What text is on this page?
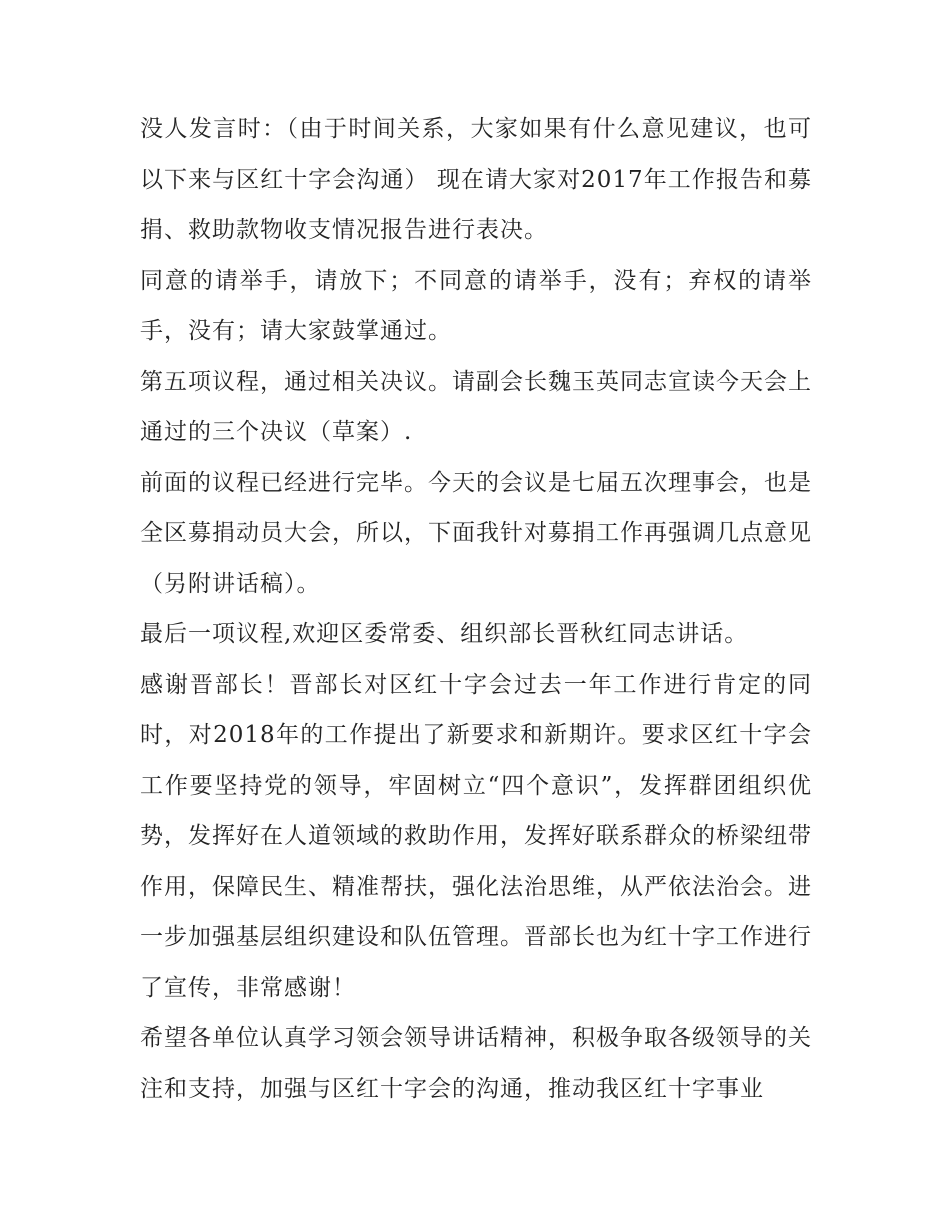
没人发言时：（由于时间关系，大家如果有什么意见建议，也可以下来与区红十字会沟通） 现在请大家对2017年工作报告和募捐、救助款物收支情况报告进行表决。

同意的请举手，请放下；不同意的请举手，没有；弃权的请举手，没有；请大家鼓掌通过。

第五项议程，通过相关决议。请副会长魏玉英同志宣读今天会上通过的三个决议（草案）.

前面的议程已经进行完毕。今天的会议是七届五次理事会，也是全区募捐动员大会，所以，下面我针对募捐工作再强调几点意见（另附讲话稿）。

最后一项议程,欢迎区委常委、组织部长晋秋红同志讲话。

感谢晋部长！晋部长对区红十字会过去一年工作进行肯定的同时，对2018年的工作提出了新要求和新期许。要求区红十字会工作要坚持党的领导，牢固树立“四个意识”，发挥群团组织优势，发挥好在人道领域的救助作用，发挥好联系群众的桥梁纽带作用，保障民生、精准帮扶，强化法治思维，从严依法治会。进一步加强基层组织建设和队伍管理。晋部长也为红十字工作进行了宣传，非常感谢！

希望各单位认真学习领会领导讲话精神，积极争取各级领导的关注和支持，加强与区红十字会的沟通，推动我区红十字事业
